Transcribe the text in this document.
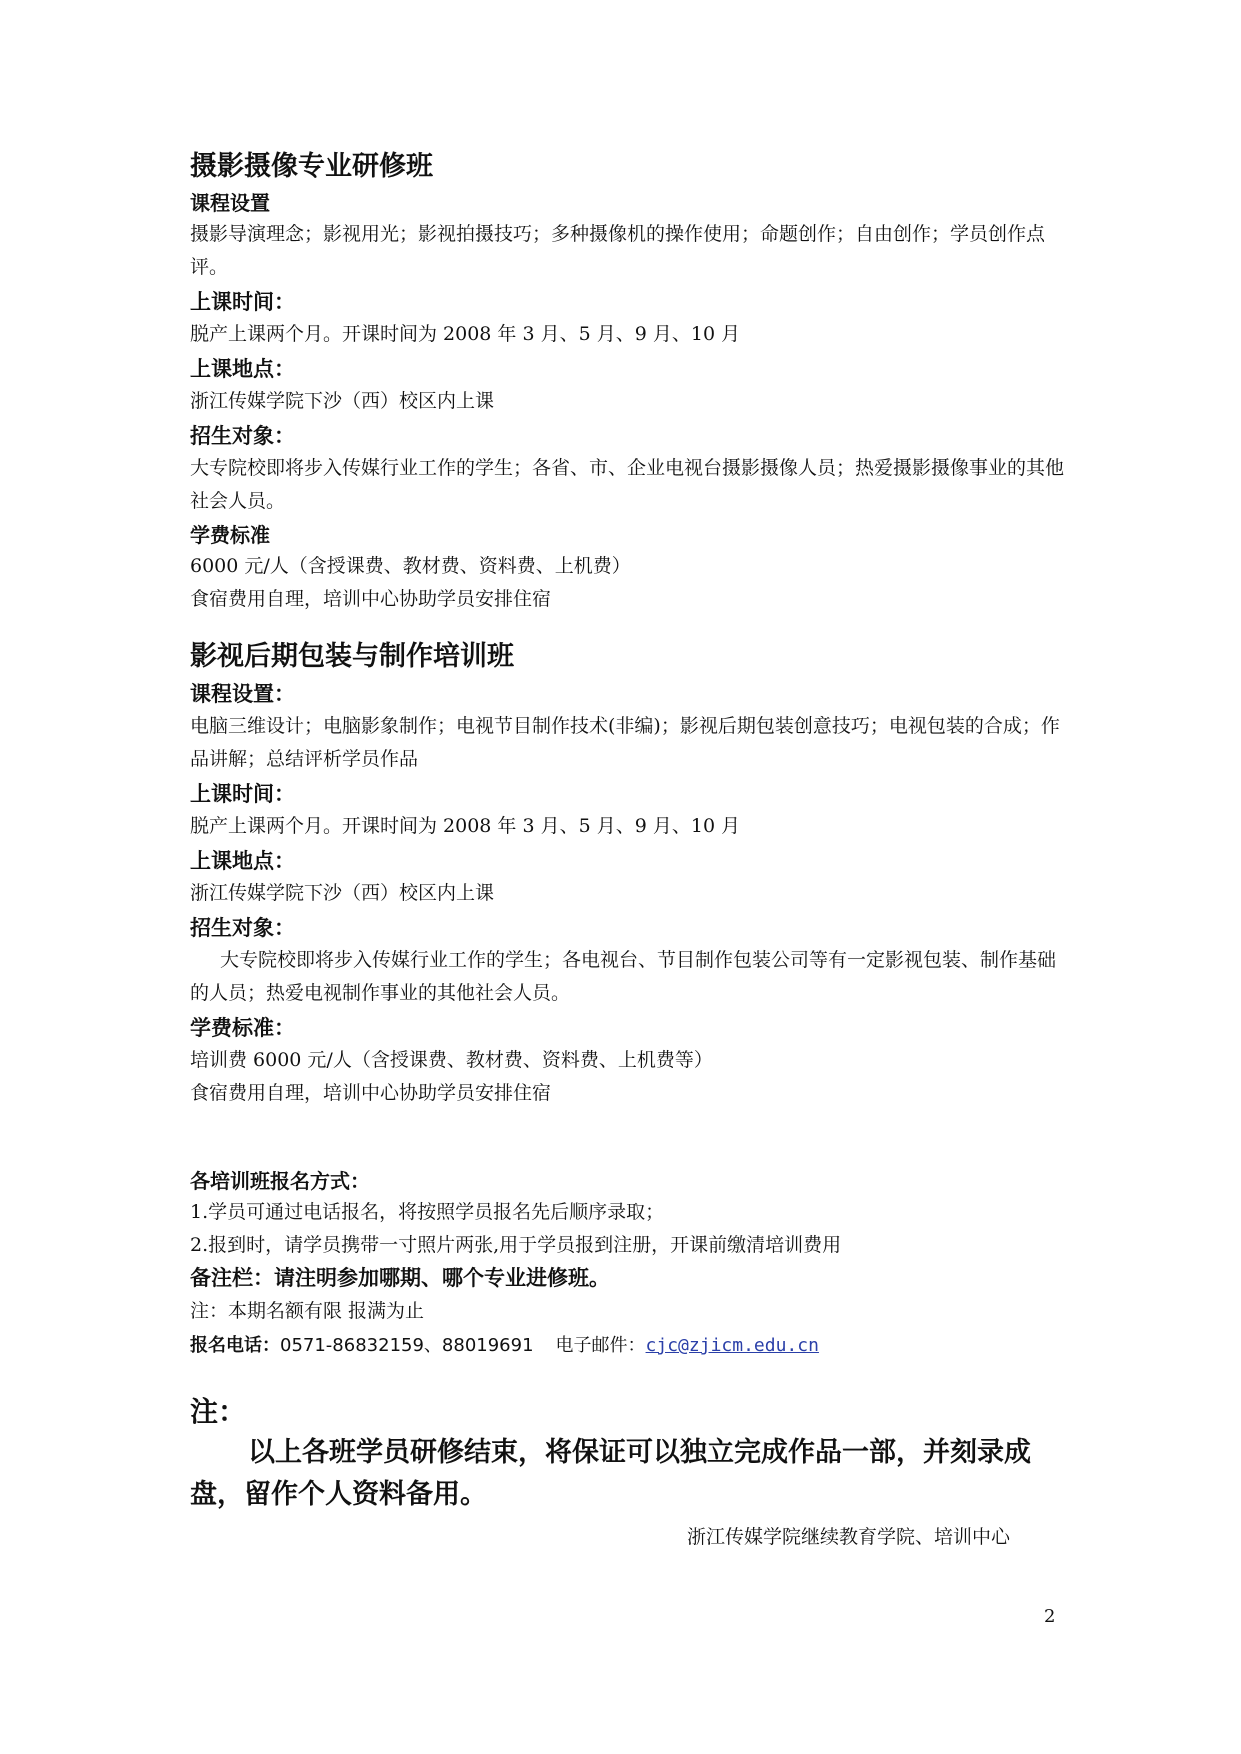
摄影摄像专业研修班
课程设置

摄影导演理念；影视用光；影视拍摄技巧；多种摄像机的操作使用；命题创作；自由创作；学员创作点评。

上课时间：

脱产上课两个月。开课时间为 2008 年 3 月、5 月、9 月、10 月

上课地点：

浙江传媒学院下沙（西）校区内上课

招生对象：

大专院校即将步入传媒行业工作的学生；各省、市、企业电视台摄影摄像人员；热爱摄影摄像事业的其他社会人员。

学费标准

6000 元/人（含授课费、教材费、资料费、上机费）

食宿费用自理，培训中心协助学员安排住宿

影视后期包装与制作培训班
课程设置：

电脑三维设计；电脑影象制作；电视节目制作技术(非编)；影视后期包装创意技巧；电视包装的合成；作品讲解；总结评析学员作品

上课时间：

脱产上课两个月。开课时间为 2008 年 3 月、5 月、9 月、10 月

上课地点：

浙江传媒学院下沙（西）校区内上课

招生对象：

大专院校即将步入传媒行业工作的学生；各电视台、节目制作包装公司等有一定影视包装、制作基础的人员；热爱电视制作事业的其他社会人员。

学费标准：

培训费 6000 元/人（含授课费、教材费、资料费、上机费等）

食宿费用自理，培训中心协助学员安排住宿

各培训班报名方式：

1.学员可通过电话报名，将按照学员报名先后顺序录取；

2.报到时，请学员携带一寸照片两张,用于学员报到注册，开课前缴清培训费用

备注栏：请注明参加哪期、哪个专业进修班。

注：本期名额有限 报满为止

报名电话：0571-86832159、88019691 电子邮件：cjc@zjicm.edu.cn

注：

以上各班学员研修结束，将保证可以独立完成作品一部，并刻录成盘，留作个人资料备用。

浙江传媒学院继续教育学院、培训中心

2
